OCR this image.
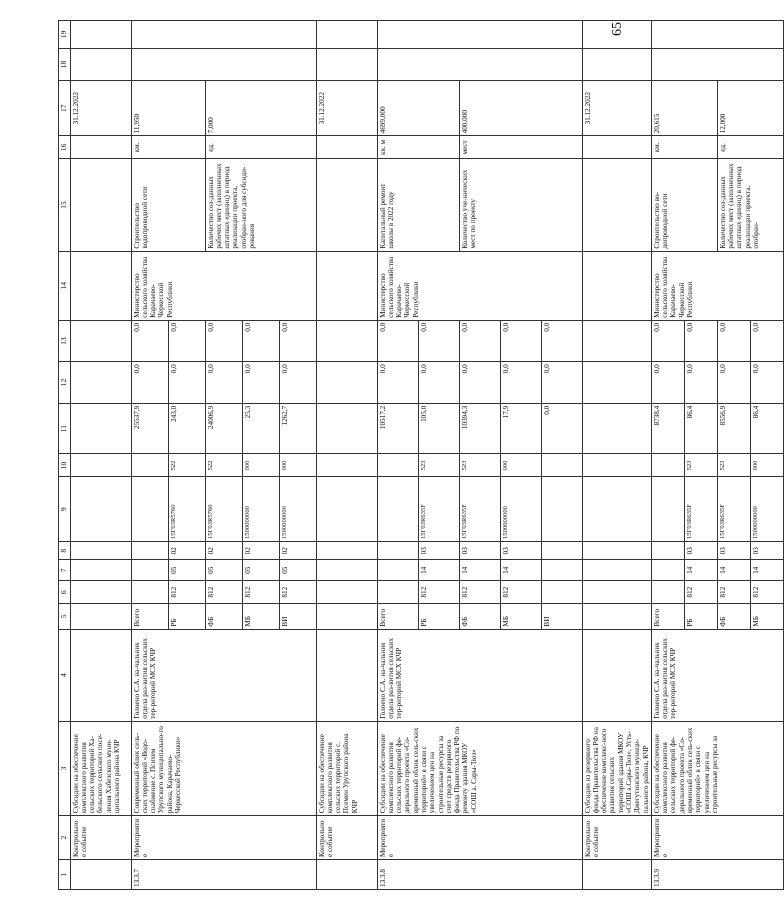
65
1	2	3	4	5	6	7	8	9	10	11	12	13	14	15	16	17	18	19
	Контрольное событие	Субсидии на обеспечение комплексного развития сельских территорий Ха-бельского сельского посе-ления Хабезского муни-ципального района КЧР														31.12.2022		
13.3.7	Мероприятие	Современный облик сель-ских территорий «Водо-снабжение с. Психем Урупского муниципально-го района, Карачаево-Черкесской Республики»	Голоено С.А. на-чальник отдела раз-вития сельских тер-риторий МСХ КЧР	Всего						25537,9	0,0	0,0	Министерство сельского хозяйства Карачаево-Черкесской Республики	Строительство водопроводной сети	км.	11,950		
				РБ	812	05	02	15Г03R5760	522	243,0	0,0	0,0						
				ФБ	812	05	02	15Г03R5760	522	24006,9	0,0	0,0		Количество соз-данных рабочих мест (заполненных штатных единиц) в период реализации проекта, отобран-ного для субсиди-рования	ед.	7,000		
				МБ	812	05	02	1500000000	000	25,3	0,0	0,0						
				ВИ	812	05	02	1500000000	000	1262,7	0,0	0,0						
	Контрольное событие	Субсидии на обеспечение комплексного развития сельских территорий с. Псемен Урупского района КЧР														31.12.2022		
13.3.8	Мероприятие	Субсидии на обеспечение комплексного развития сельских территорий фе-дерального проекта «Со-временный облик сель-ских территорий» в связи с увеличением цен на строительные ресурсы за счет средств резервного фонда Правительства РФ по ремонту здания МКОУ «СОШ а. Сары-Тюз»	Голоено С.А. на-чальник отдела раз-вития сельских тер-риторий МСХ КЧР	Всего						10517,2	0,0	0,0	Министерство сельского хозяйства Карачаево-Черкесской Республики	Капитальный ремонт школы в 2022 году	кв. м	4699,000		
				РБ	812	14	03	15Г03R635F	523	105,0	0,0	0,0						
				ФБ	812	14	03	15Г03R635F	523	10394,3	0,0	0,0		Количество уче-нических мест по проекту	мест	400,000		
				МБ	812	14	03	1500000000	000	17,9	0,0	0,0						
				ВИ						0,0	0,0	0,0						
	Контрольное событие	Субсидии из резервного фонда Правительства РФ на обеспечение комплекс-ного развития сельских территорий здания МКОУ «СОШ а.Сары-Тюз», Усть-Джегутинского муници-пального района, КЧР														31.12.2022		
13.3.9	Мероприятие	Субсидии на обеспечение комплексного развития сельских территорий фе-дерального проекта «Со-временный облик сель-ских территорий» в связи с увеличением цен на строительные ресурсы за	Голоено С.А. на-чальник отдела раз-вития сельских тер-риторий МСХ КЧР	Всего						8738,4	0,0	0,0	Министерство сельского хозяйства Карачаево-Черкесской Республики	Строительство во-допроводной сети	км.	20,615		
				РБ	812	14	03	15Г03R635F	523	86,4	0,0	0,0						
				ФБ	812	14	03	15Г03R635F	523	8556,9	0,0	0,0		Количество соз-данных рабочих мест (заполненных штатных единиц) в период реализации проекта, отобран-	ед.	12,000		
				МБ	812	14	03	1500000000	000	86,4	0,0	0,0						
